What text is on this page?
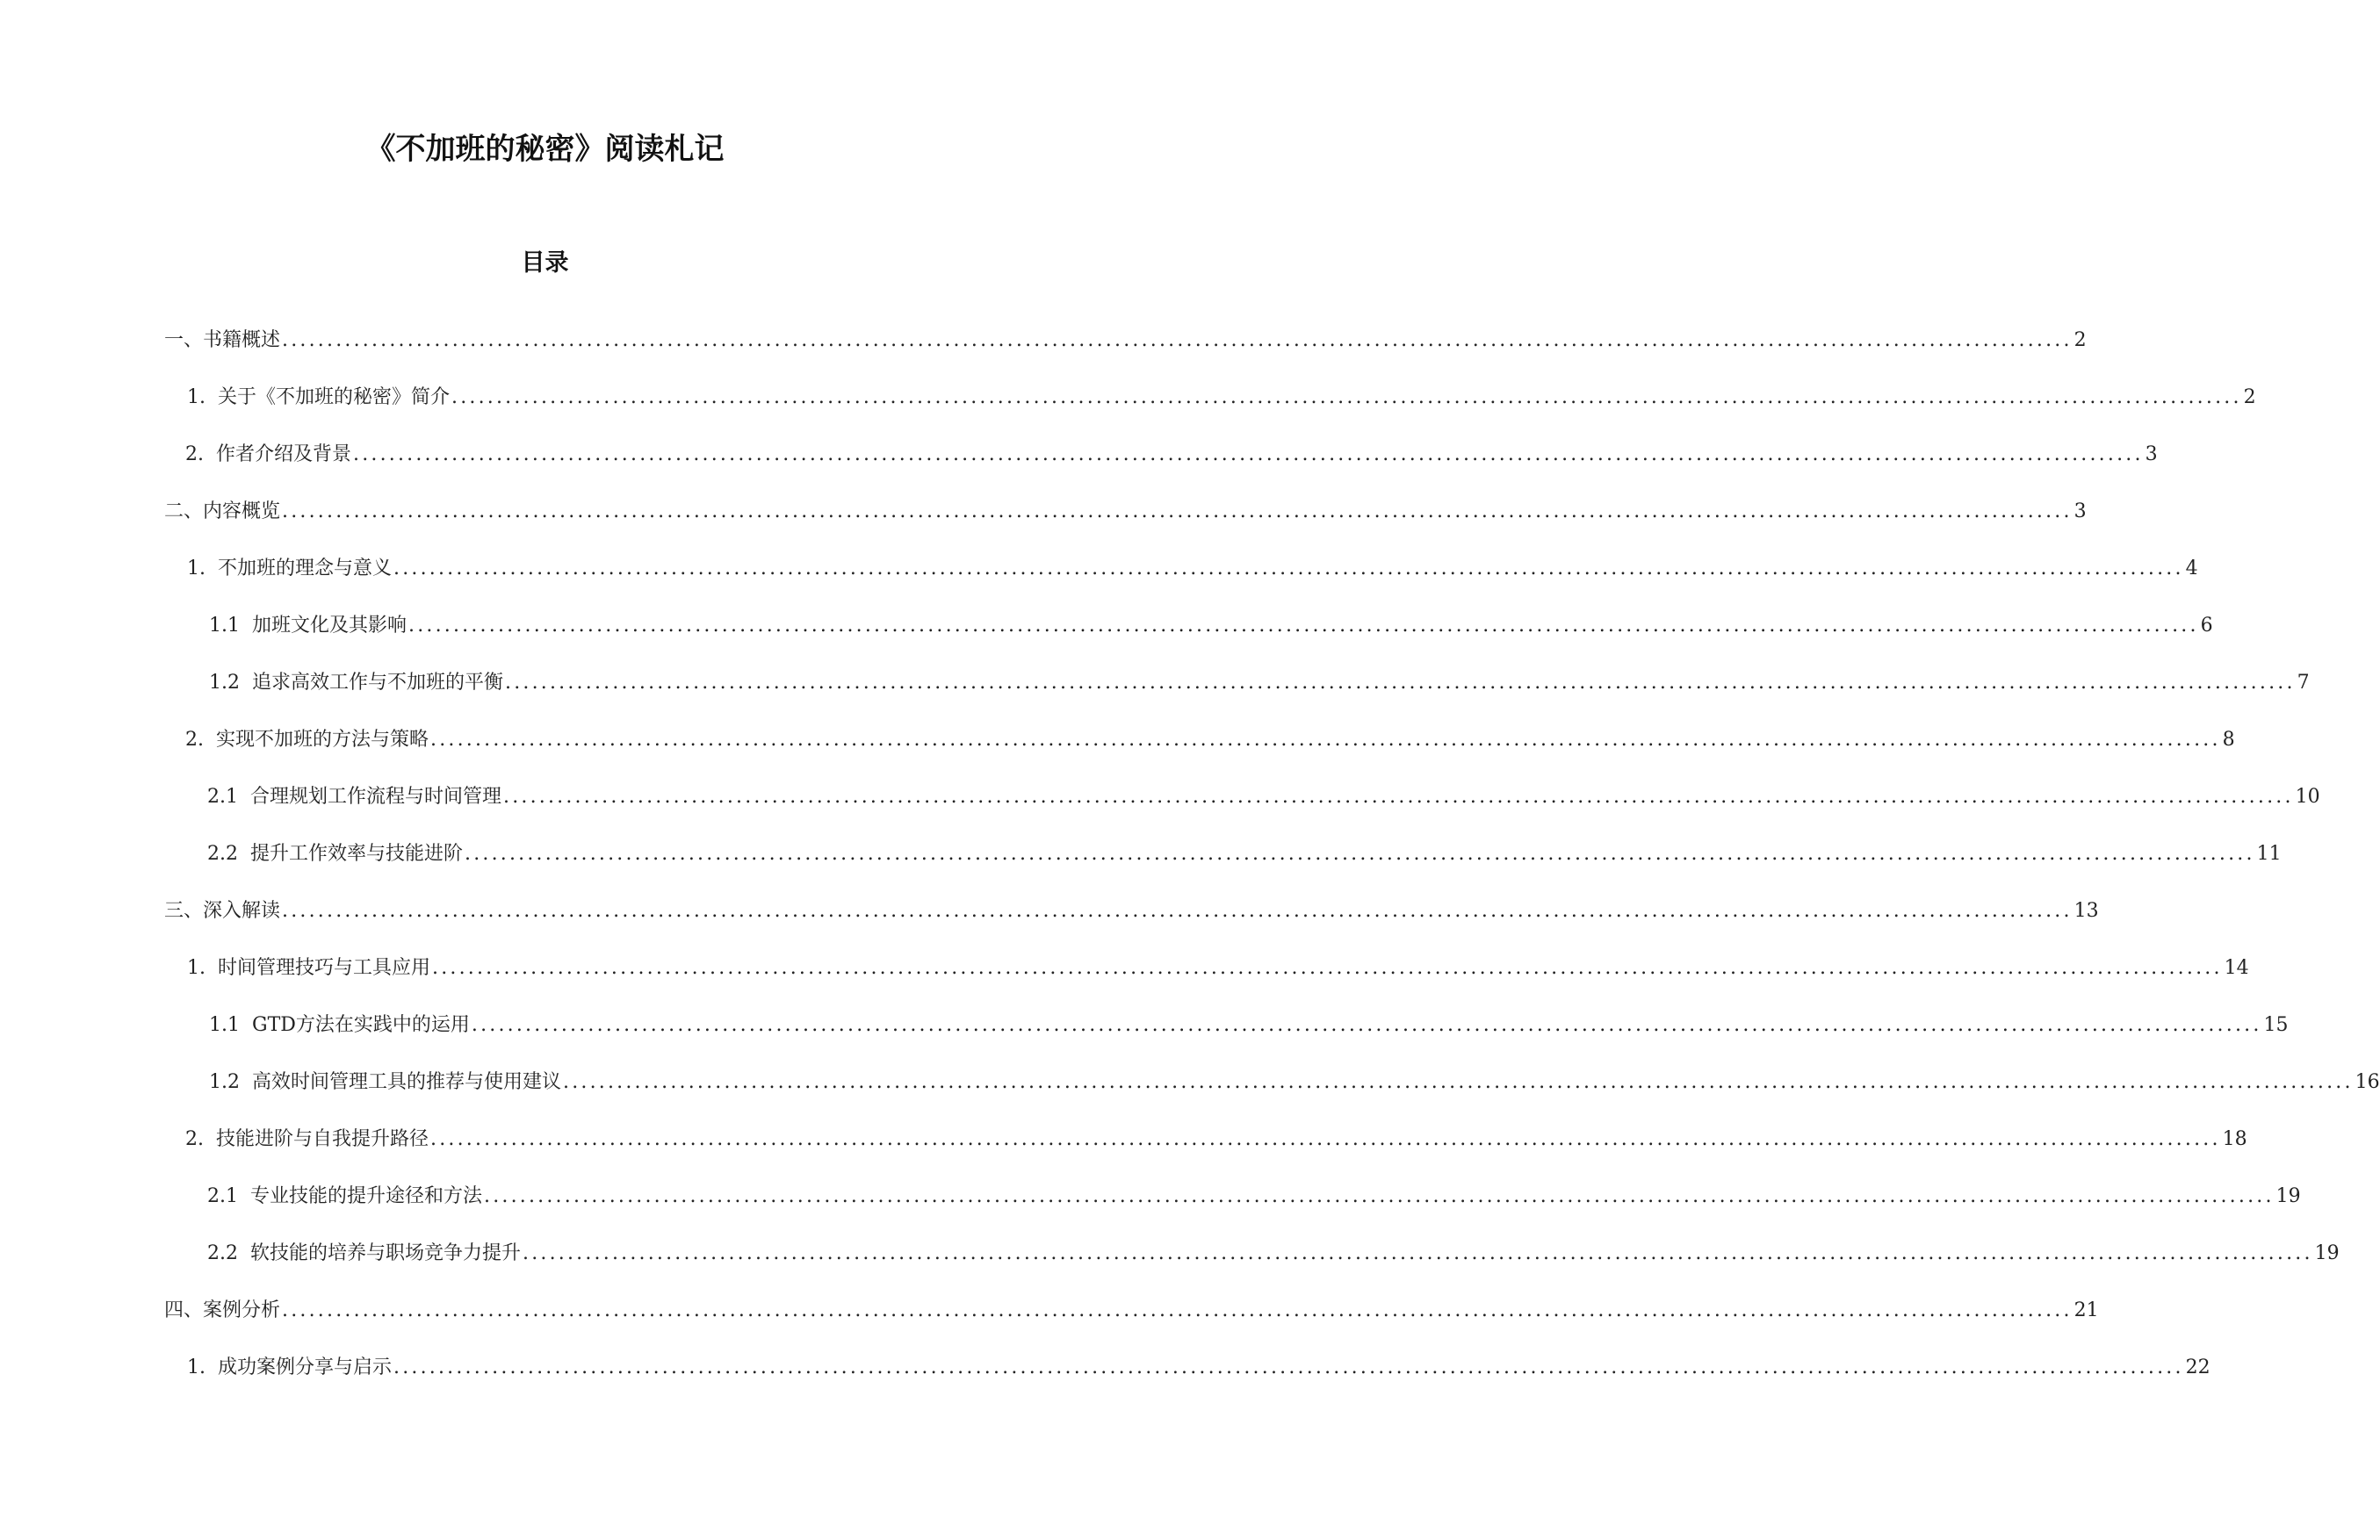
《不加班的秘密》阅读札记
目录
一、 书籍概述 ........................................................................................................................................................................................................ 2
1. 关于《不加班的秘密》简介 ........................................................................................................................................................................................................ 2
2. 作者介绍及背景 ........................................................................................................................................................................................................ 3
二、 内容概览 ........................................................................................................................................................................................................ 3
1. 不加班的理念与意义 ........................................................................................................................................................................................................ 4
1.1 加班文化及其影响 ........................................................................................................................................................................................................ 6
1.2 追求高效工作与不加班的平衡 ........................................................................................................................................................................................................ 7
2. 实现不加班的方法与策略 ........................................................................................................................................................................................................ 8
2.1 合理规划工作流程与时间管理 ........................................................................................................................................................................................................ 10
2.2 提升工作效率与技能进阶 ........................................................................................................................................................................................................ 11
三、 深入解读 ........................................................................................................................................................................................................ 13
1. 时间管理技巧与工具应用 ........................................................................................................................................................................................................ 14
1.1 GTD方法在实践中的运用 ........................................................................................................................................................................................................ 15
1.2 高效时间管理工具的推荐与使用建议 ........................................................................................................................................................................................................ 16
2. 技能进阶与自我提升路径 ........................................................................................................................................................................................................ 18
2.1 专业技能的提升途径和方法 ........................................................................................................................................................................................................ 19
2.2 软技能的培养与职场竞争力提升 ........................................................................................................................................................................................................ 19
四、 案例分析 ........................................................................................................................................................................................................ 21
1. 成功案例分享与启示 ........................................................................................................................................................................................................ 22
